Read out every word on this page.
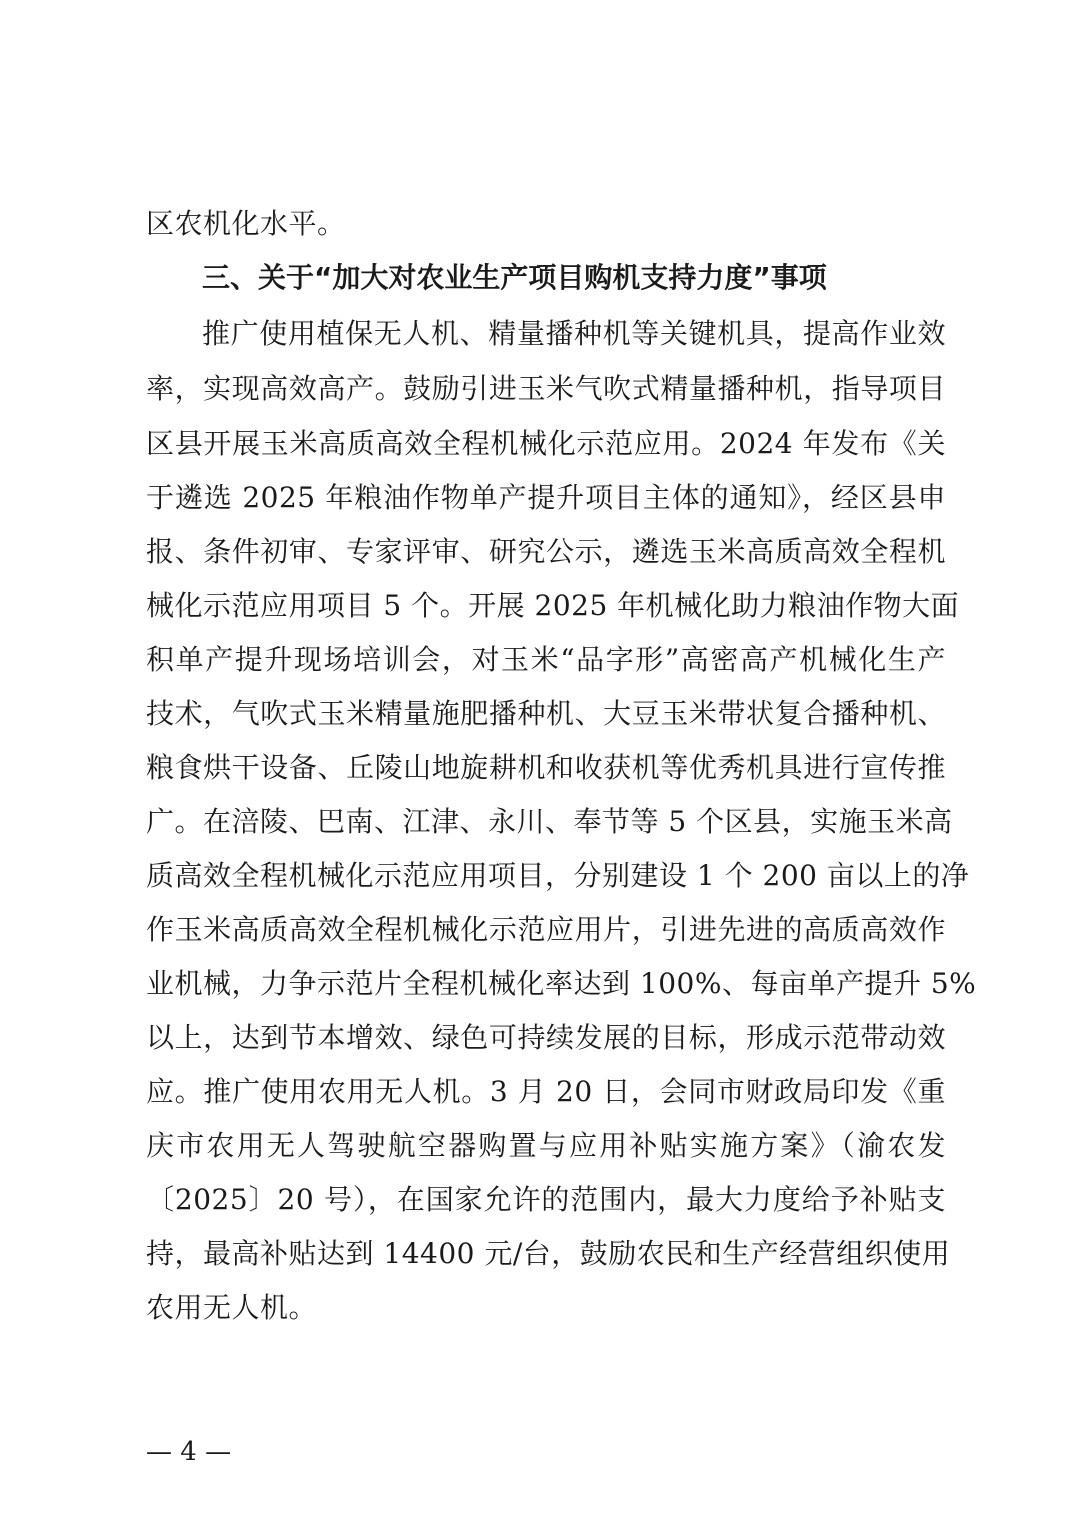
区农机化水平。
三、关于“加大对农业生产项目购机支持力度”事项
推广使用植保无人机、精量播种机等关键机具，提高作业效
率，实现高效高产。鼓励引进玉米气吹式精量播种机，指导项目
区县开展玉米高质高效全程机械化示范应用。2024 年发布《关
于遴选 2025 年粮油作物单产提升项目主体的通知》，经区县申
报、条件初审、专家评审、研究公示，遴选玉米高质高效全程机
械化示范应用项目 5 个。开展 2025 年机械化助力粮油作物大面
积单产提升现场培训会，对玉米“品字形”高密高产机械化生产
技术，气吹式玉米精量施肥播种机、大豆玉米带状复合播种机、
粮食烘干设备、丘陵山地旋耕机和收获机等优秀机具进行宣传推
广。在涪陵、巴南、江津、永川、奉节等 5 个区县，实施玉米高
质高效全程机械化示范应用项目，分别建设 1 个 200 亩以上的净
作玉米高质高效全程机械化示范应用片，引进先进的高质高效作
业机械，力争示范片全程机械化率达到 100%、每亩单产提升 5%
以上，达到节本增效、绿色可持续发展的目标，形成示范带动效
应。推广使用农用无人机。3 月 20 日，会同市财政局印发《重
庆市农用无人驾驶航空器购置与应用补贴实施方案》（渝农发
〔2025〕20 号），在国家允许的范围内，最大力度给予补贴支
持，最高补贴达到 14400 元/台，鼓励农民和生产经营组织使用
农用无人机。
— 4 —
